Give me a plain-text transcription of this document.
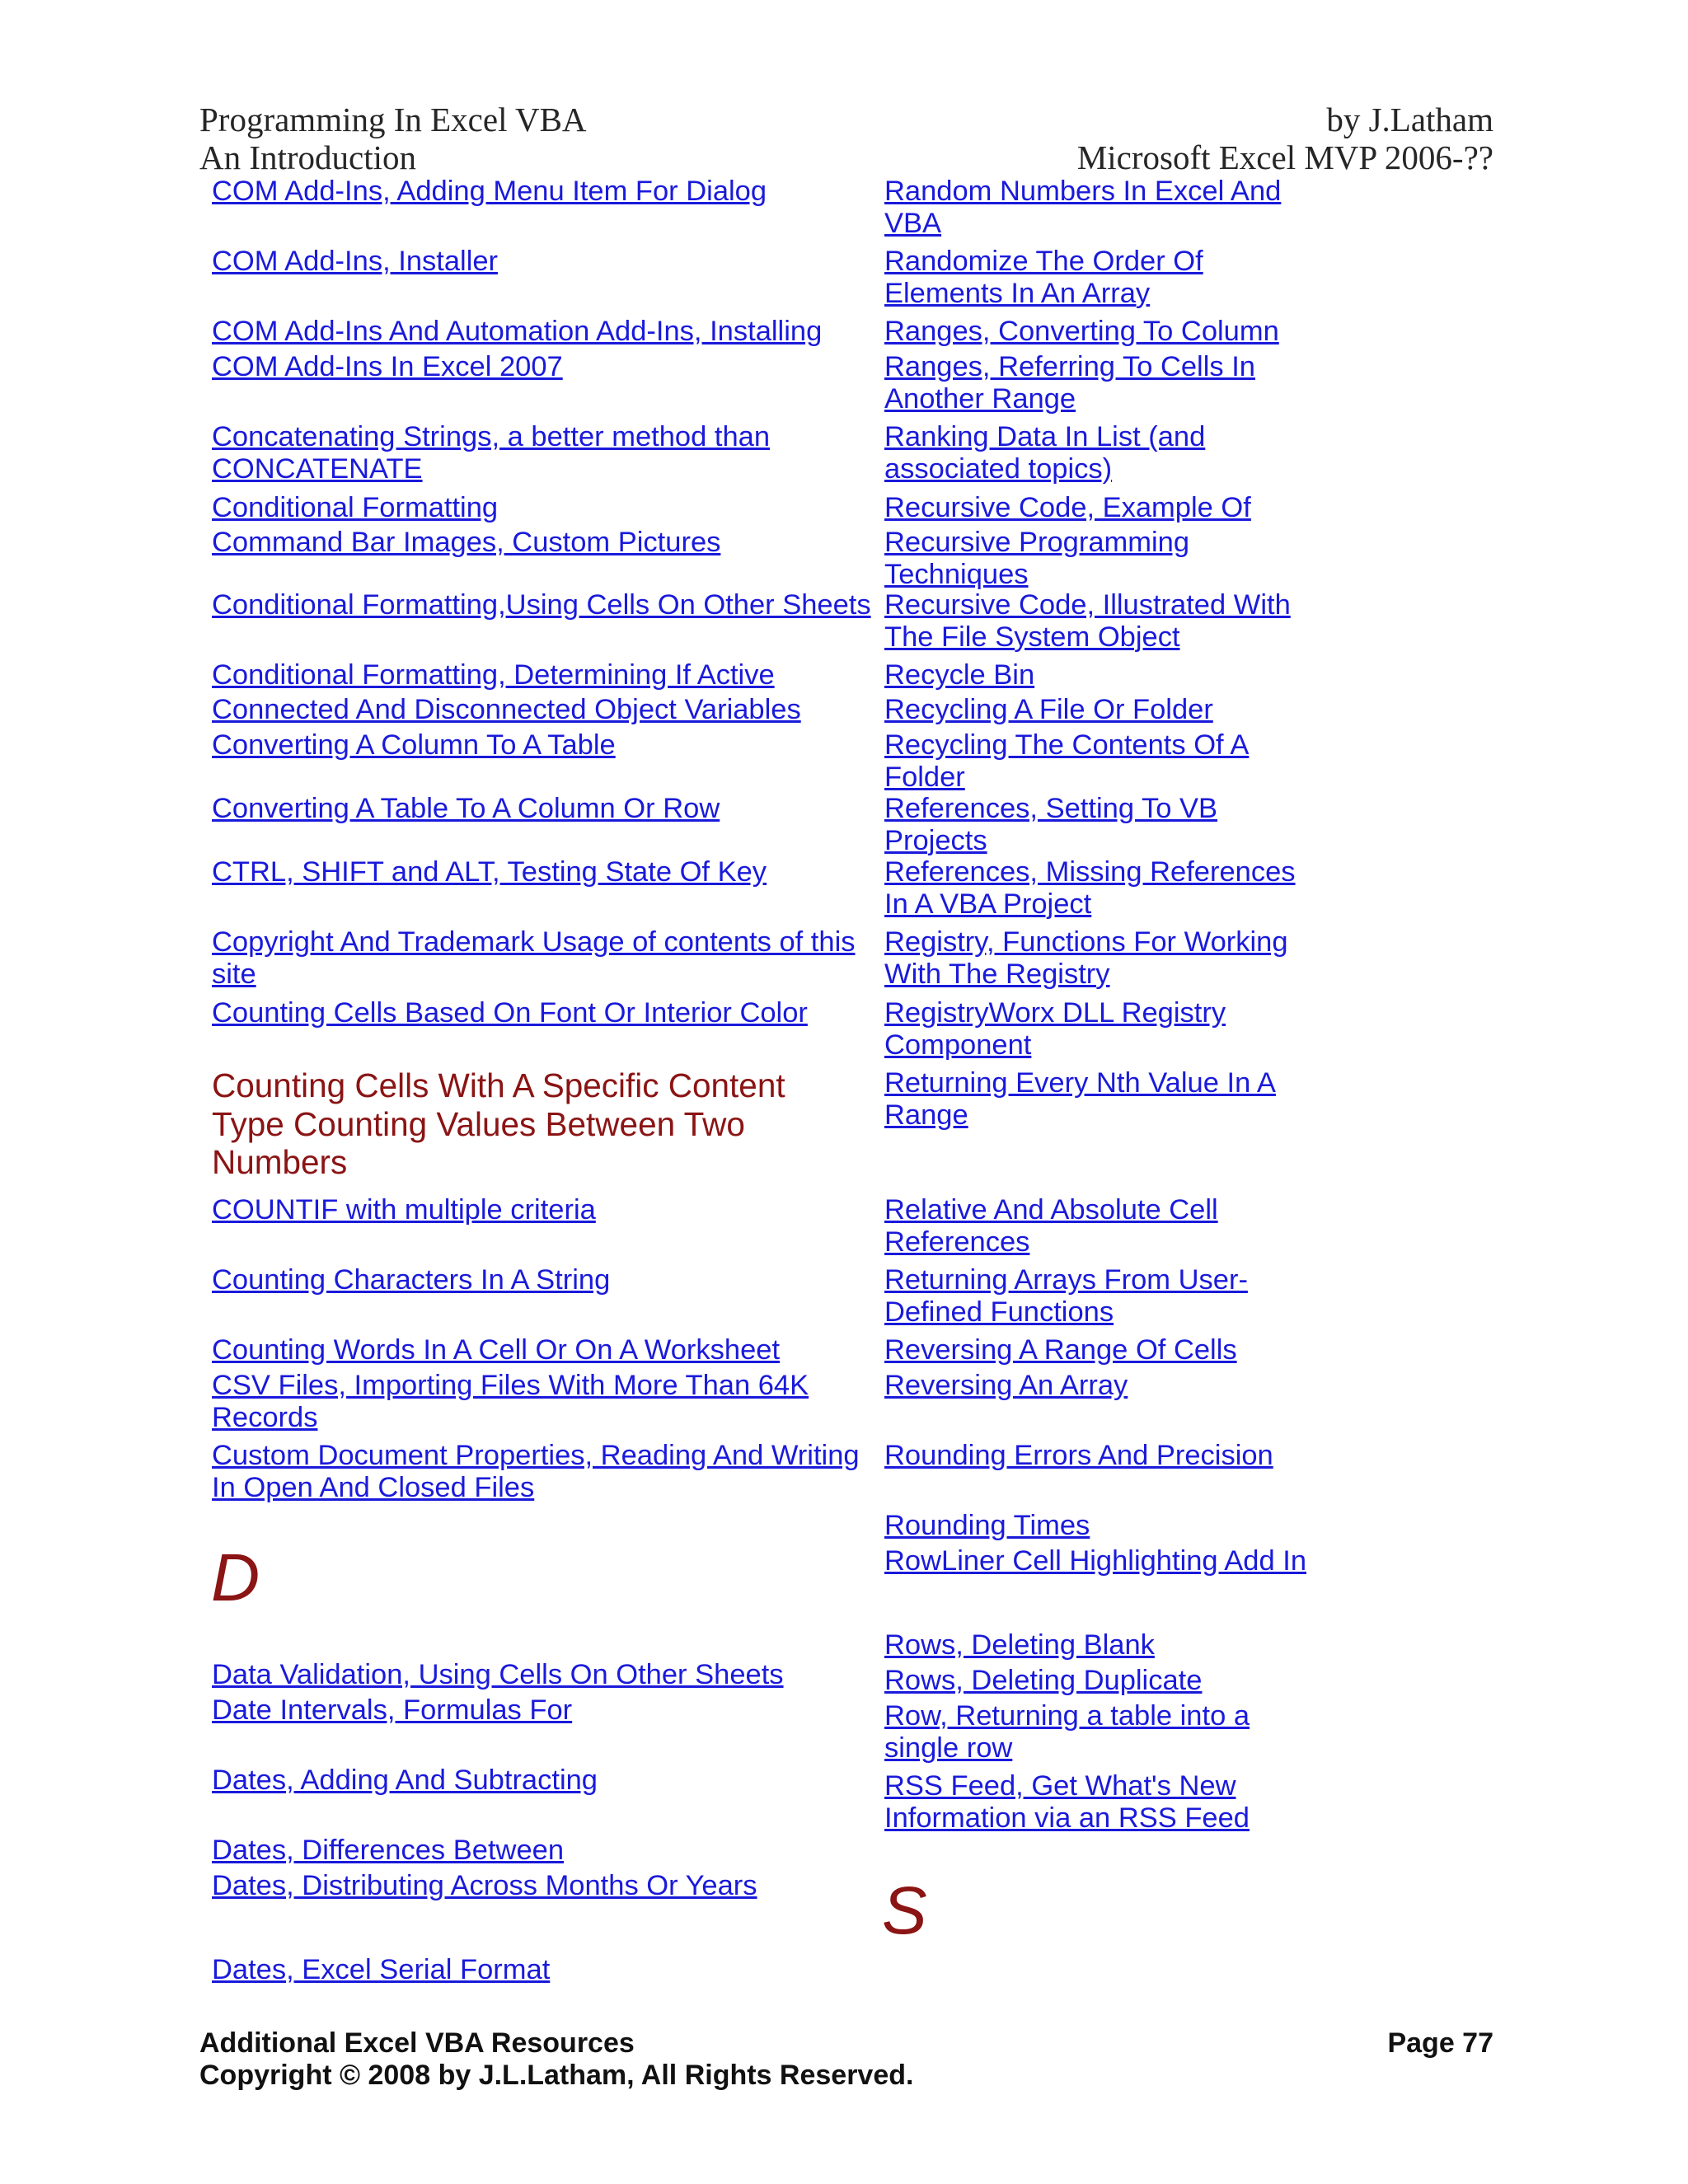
Programming In Excel VBA
An Introduction
by J.Latham
Microsoft Excel MVP 2006-??
COM Add-Ins, Adding Menu Item For Dialog
COM Add-Ins, Installer
COM Add-Ins And Automation Add-Ins, Installing
COM Add-Ins In Excel 2007
Concatenating Strings, a better method than
CONCATENATE
Conditional Formatting
Command Bar Images, Custom Pictures
Conditional Formatting,Using Cells On Other Sheets
Conditional Formatting, Determining If Active
Connected And Disconnected Object Variables
Converting A Column To A Table
Converting A Table To A Column Or Row
CTRL, SHIFT and ALT, Testing State Of Key
Copyright And Trademark Usage of contents of this
site
Counting Cells Based On Font Or Interior Color
Counting Cells With A Specific Content
Type Counting Values Between Two
Numbers
COUNTIF with multiple criteria
Counting Characters In A String
Counting Words In A Cell Or On A Worksheet
CSV Files, Importing Files With More Than 64K
Records
Custom Document Properties, Reading And Writing
In Open And Closed Files
Data Validation, Using Cells On Other Sheets
Date Intervals, Formulas For
Dates, Adding And Subtracting
Dates, Differences Between
Dates, Distributing Across Months Or Years
Dates, Excel Serial Format
D
Random Numbers In Excel And
VBA
Randomize The Order Of
Elements In An Array
Ranges, Converting To Column
Ranges, Referring To Cells In
Another Range
Ranking Data In List (and
associated topics)
Recursive Code, Example Of
Recursive Programming
Techniques
Recursive Code, Illustrated With
The File System Object
Recycle Bin
Recycling A File Or Folder
Recycling The Contents Of A
Folder
References, Setting To VB
Projects
References, Missing References
In A VBA Project
Registry, Functions For Working
With The Registry
RegistryWorx DLL Registry
Component
Returning Every Nth Value In A
Range
Relative And Absolute Cell
References
Returning Arrays From User-
Defined Functions
Reversing A Range Of Cells
Reversing An Array
Rounding Errors And Precision
Rounding Times
RowLiner Cell Highlighting Add In
Rows, Deleting Blank
Rows, Deleting Duplicate
Row, Returning a table into a
single row
RSS Feed, Get What's New
Information via an RSS Feed
S
Additional Excel VBA Resources
Copyright © 2008 by J.L.Latham, All Rights Reserved.
Page 77
